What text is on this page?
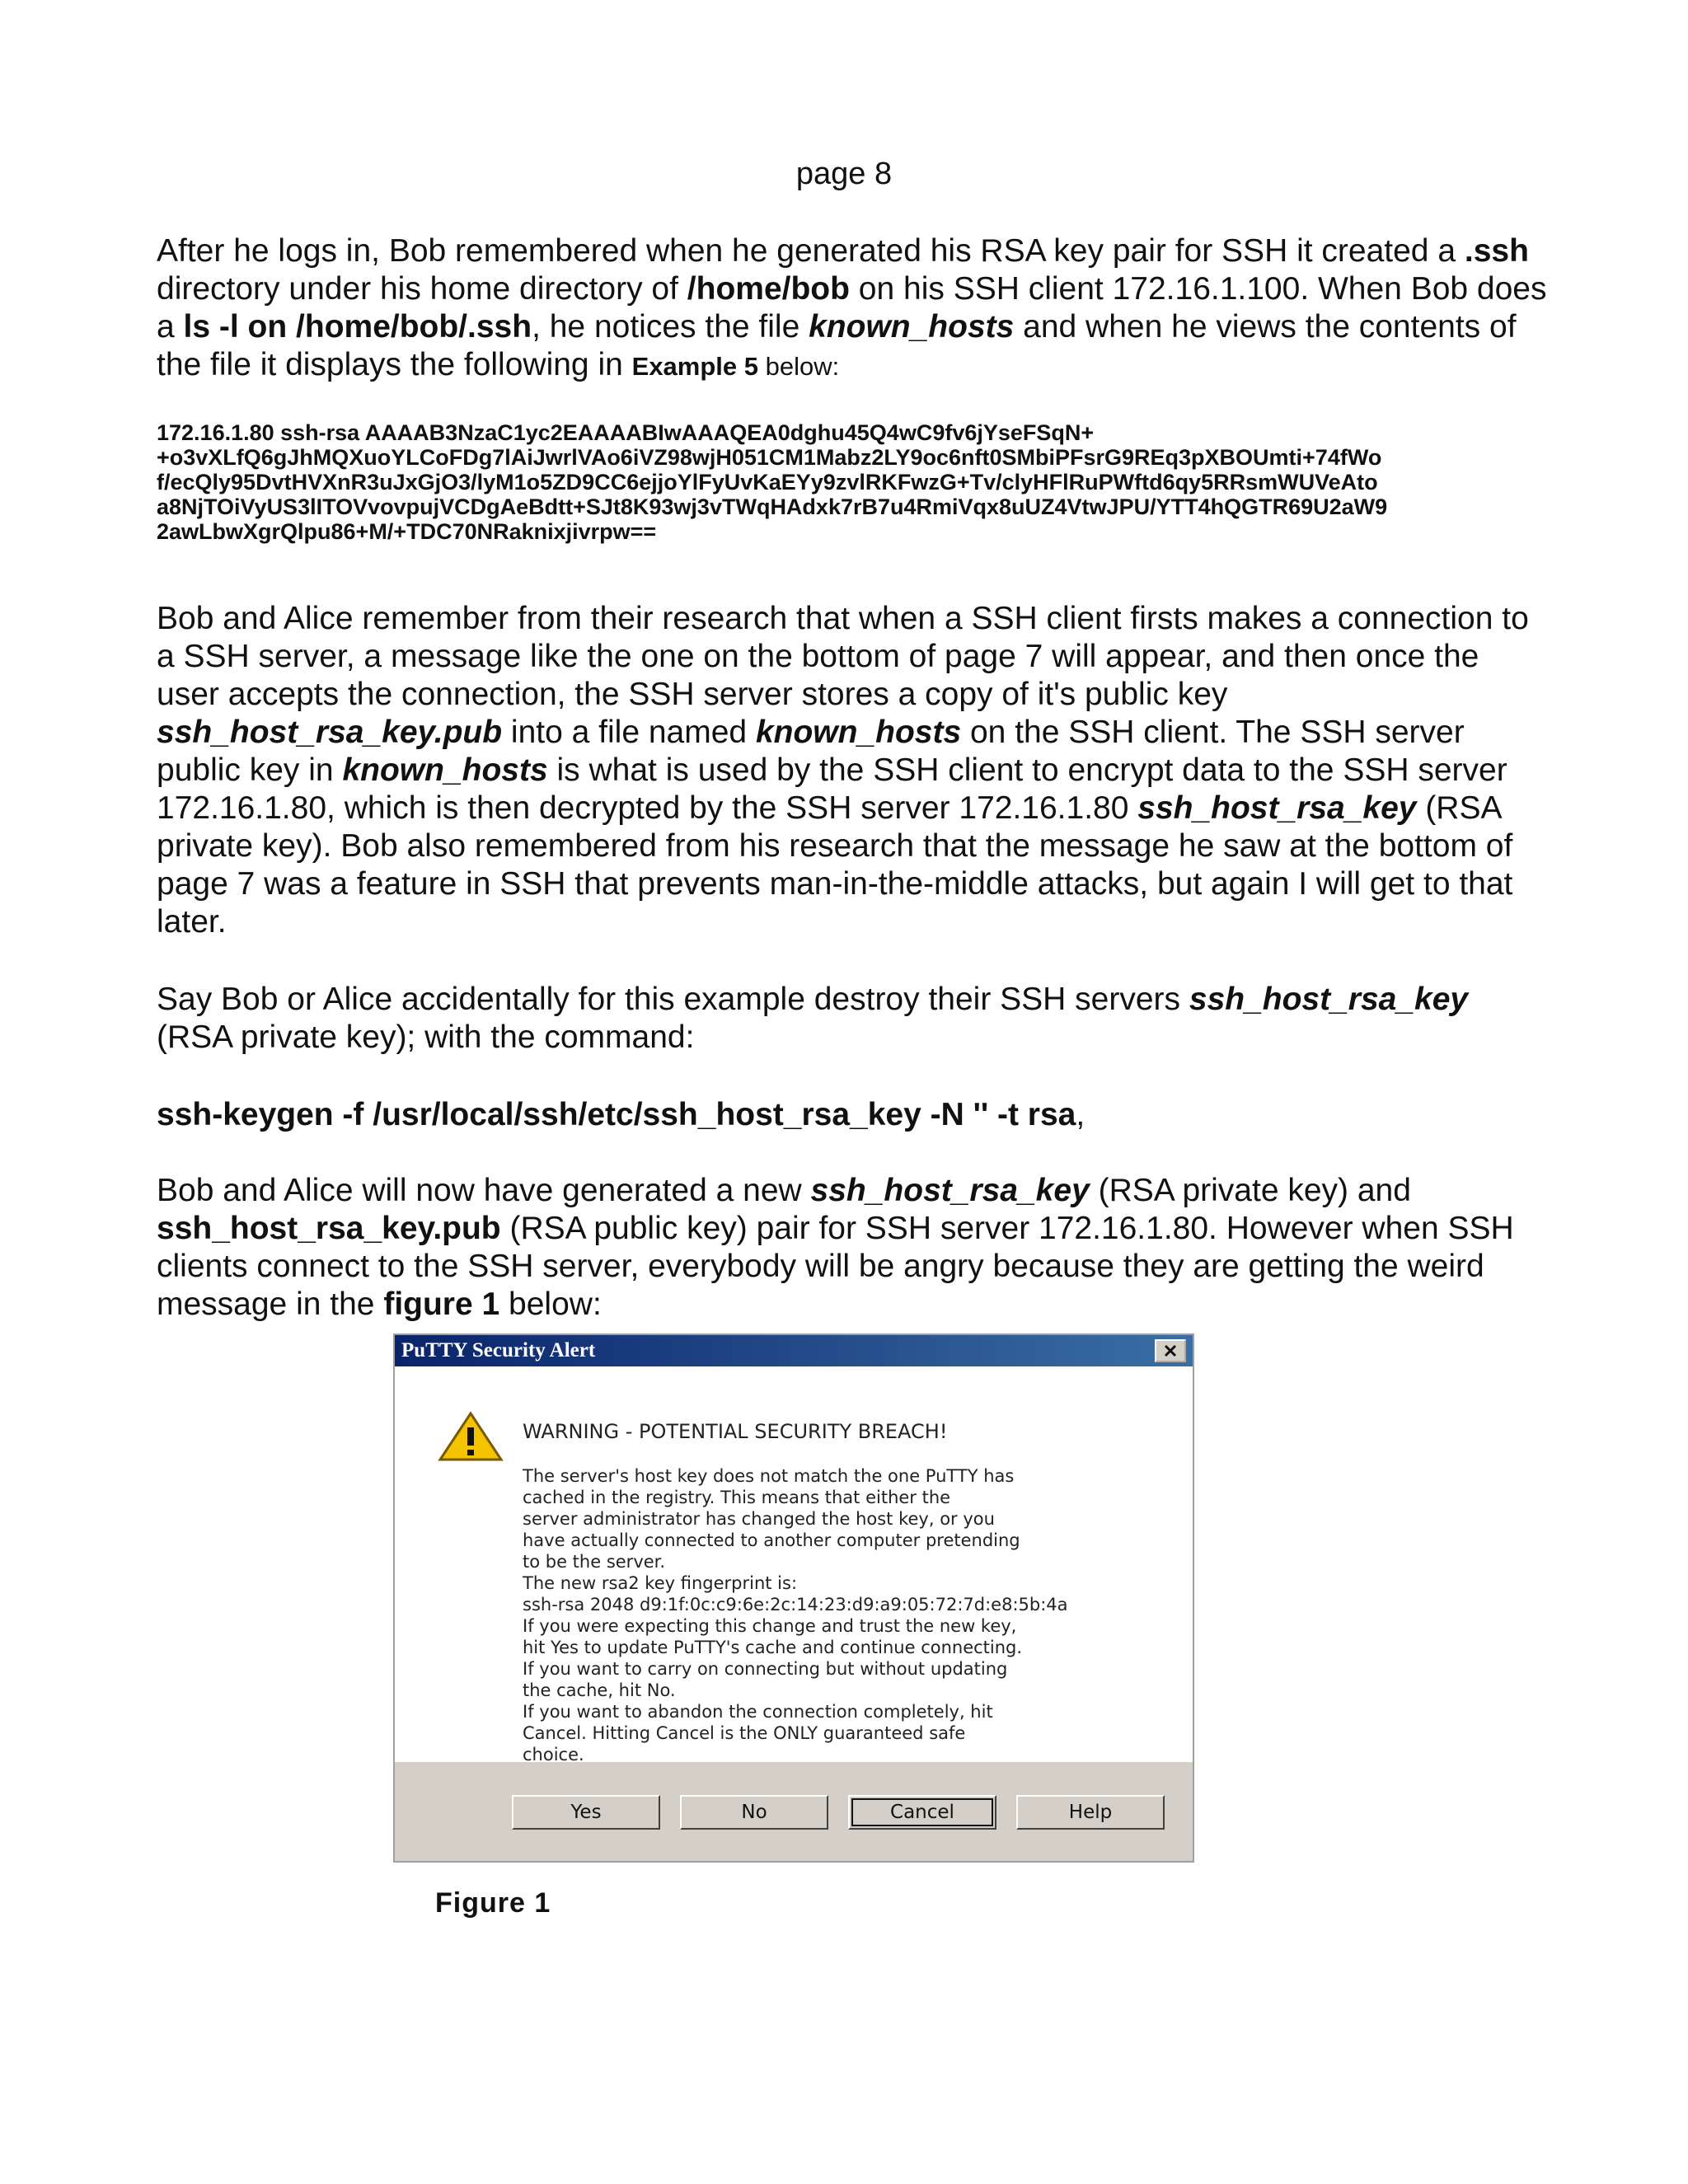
page 8
After he logs in, Bob remembered when he generated his RSA key pair for SSH it created a .ssh directory under his home directory of /home/bob on his SSH client 172.16.1.100. When Bob does a ls -l on /home/bob/.ssh, he notices the file known_hosts and when he views the contents of the file it displays the following in Example 5 below:
172.16.1.80 ssh-rsa AAAAB3NzaC1yc2EAAAABIwAAAQEA0dghu45Q4wC9fv6jYseFSqN+
+o3vXLfQ6gJhMQXuoYLCoFDg7lAiJwrlVAo6iVZ98wjH051CM1Mabz2LY9oc6nft0SMbiPFsrG9REq3pXBOUmti+74fWo
f/ecQly95DvtHVXnR3uJxGjO3/lyM1o5ZD9CC6ejjoYlFyUvKaEYy9zvlRKFwzG+Tv/clyHFlRuPWftd6qy5RRsmWUVeAto
a8NjTOiVyUS3lITOVvovpujVCDgAeBdtt+SJt8K93wj3vTWqHAdxk7rB7u4RmiVqx8uUZ4VtwJPU/YTT4hQGTR69U2aW9
2awLbwXgrQlpu86+M/+TDC70NRaknixjivrpw==
Bob and Alice remember from their research that when a SSH client firsts makes a connection to a SSH server, a message like the one on the bottom of page 7 will appear, and then once the user accepts the connection, the SSH server stores a copy of it's public key ssh_host_rsa_key.pub into a file named known_hosts on the SSH client. The SSH server public key in known_hosts is what is used by the SSH client to encrypt data to the SSH server 172.16.1.80, which is then decrypted by the SSH server 172.16.1.80 ssh_host_rsa_key (RSA private key). Bob also remembered from his research that the message he saw at the bottom of page 7 was a feature in SSH that prevents man-in-the-middle attacks, but again I will get to that later.
Say Bob or Alice accidentally for this example destroy their SSH servers ssh_host_rsa_key (RSA private key); with the command:
ssh-keygen -f /usr/local/ssh/etc/ssh_host_rsa_key -N '' -t rsa,
Bob and Alice will now have generated a new ssh_host_rsa_key (RSA private key) and ssh_host_rsa_key.pub (RSA public key) pair for SSH server 172.16.1.80. However when SSH clients connect to the SSH server, everybody will be angry because they are getting the weird message in the figure 1 below:
PuTTY Security Alert
WARNING - POTENTIAL SECURITY BREACH!
The server's host key does not match the one PuTTY has
cached in the registry. This means that either the
server administrator has changed the host key, or you
have actually connected to another computer pretending
to be the server.
The new rsa2 key fingerprint is:
ssh-rsa 2048 d9:1f:0c:c9:6e:2c:14:23:d9:a9:05:72:7d:e8:5b:4a
If you were expecting this change and trust the new key,
hit Yes to update PuTTY's cache and continue connecting.
If you want to carry on connecting but without updating
the cache, hit No.
If you want to abandon the connection completely, hit
Cancel. Hitting Cancel is the ONLY guaranteed safe
choice.
Yes	No	Cancel	Help
Figure 1
